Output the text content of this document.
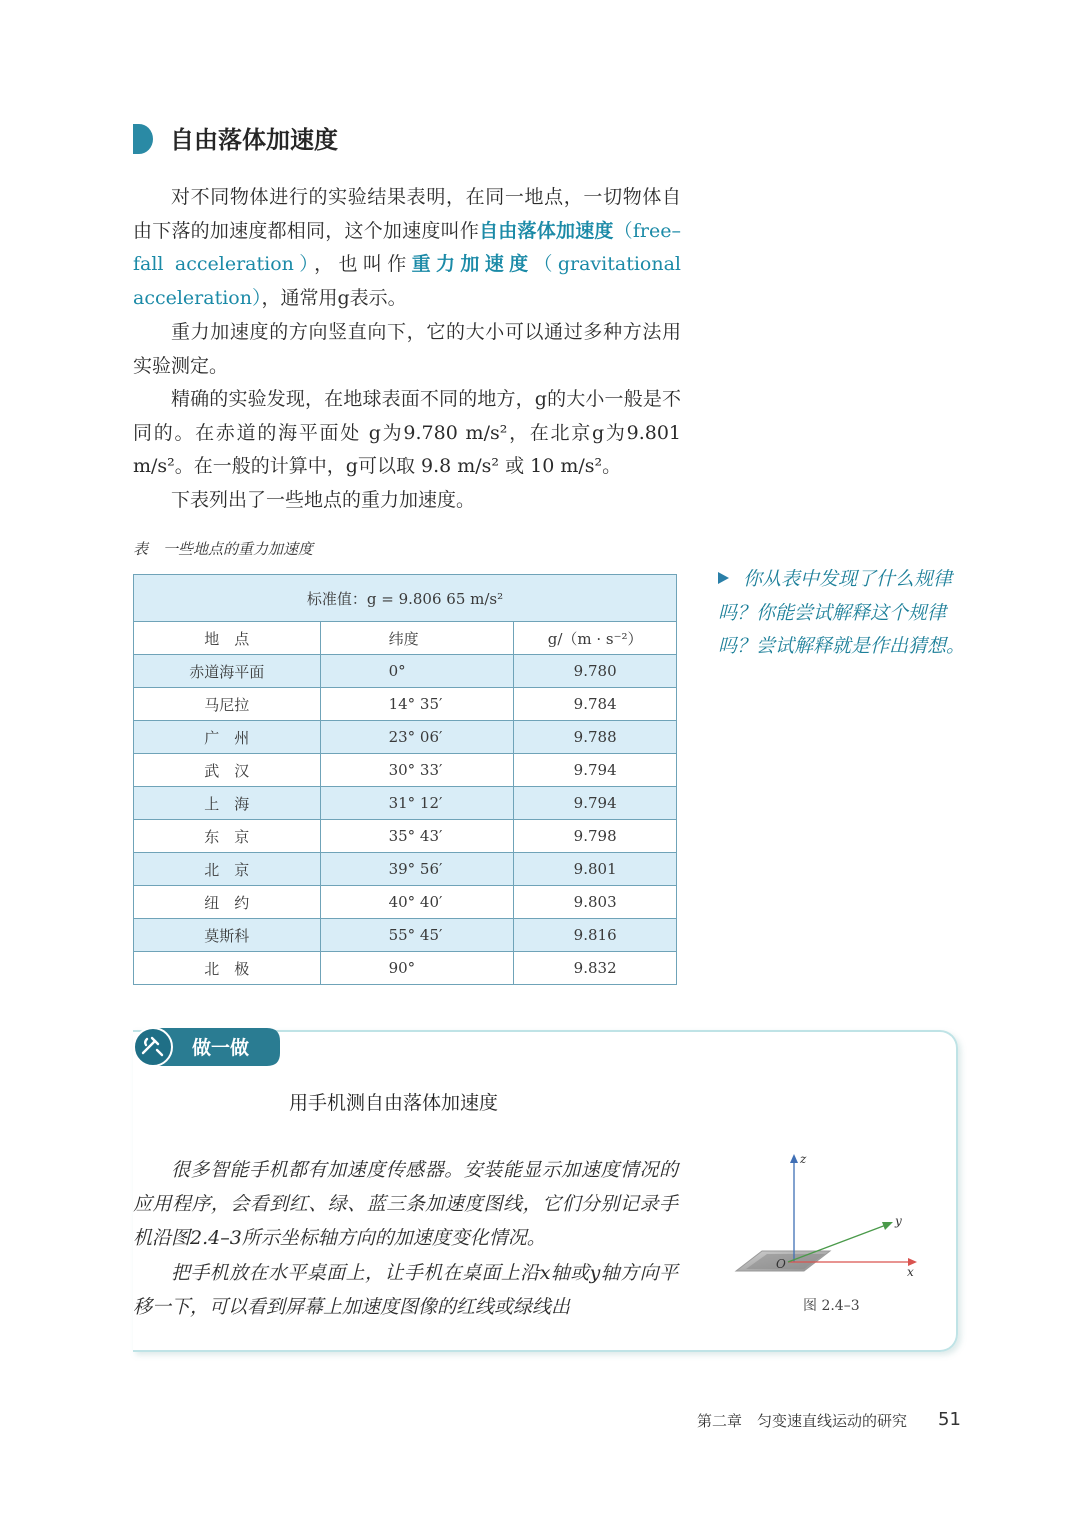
自由落体加速度

对不同物体进行的实验结果表明，在同一地点，一切物体自由下落的加速度都相同，这个加速度叫作自由落体加速度（free–fall acceleration），也叫作重力加速度（gravitational acceleration），通常用g表示。

重力加速度的方向竖直向下，它的大小可以通过多种方法用实验测定。

精确的实验发现，在地球表面不同的地方，g的大小一般是不同的。在赤道的海平面处 g为9.780 m/s²，在北京g为9.801 m/s²。在一般的计算中，g可以取 9.8 m/s² 或 10 m/s²。

下表列出了一些地点的重力加速度。

表　一些地点的重力加速度
标准值：g = 9.806 65 m/s²		
地　点	纬度	g/（m · s⁻²）
赤道海平面	0°	9.780
马尼拉	14° 35′	9.784
广　州	23° 06′	9.788
武　汉	30° 33′	9.794
上　海	31° 12′	9.794
东　京	35° 43′	9.798
北　京	39° 56′	9.801
纽　约	40° 40′	9.803
莫斯科	55° 45′	9.816
北　极	90°	9.832
你从表中发现了什么规律吗？你能尝试解释这个规律吗？尝试解释就是作出猜想。
做一做
用手机测自由落体加速度

很多智能手机都有加速度传感器。安装能显示加速度情况的应用程序，会看到红、绿、蓝三条加速度图线，它们分别记录手机沿图2.4–3所示坐标轴方向的加速度变化情况。

把手机放在水平桌面上，让手机在桌面上沿x轴或y轴方向平移一下，可以看到屏幕上加速度图像的红线或绿线出

z
y
x
O
图 2.4–3
第二章　匀变速直线运动的研究 51
